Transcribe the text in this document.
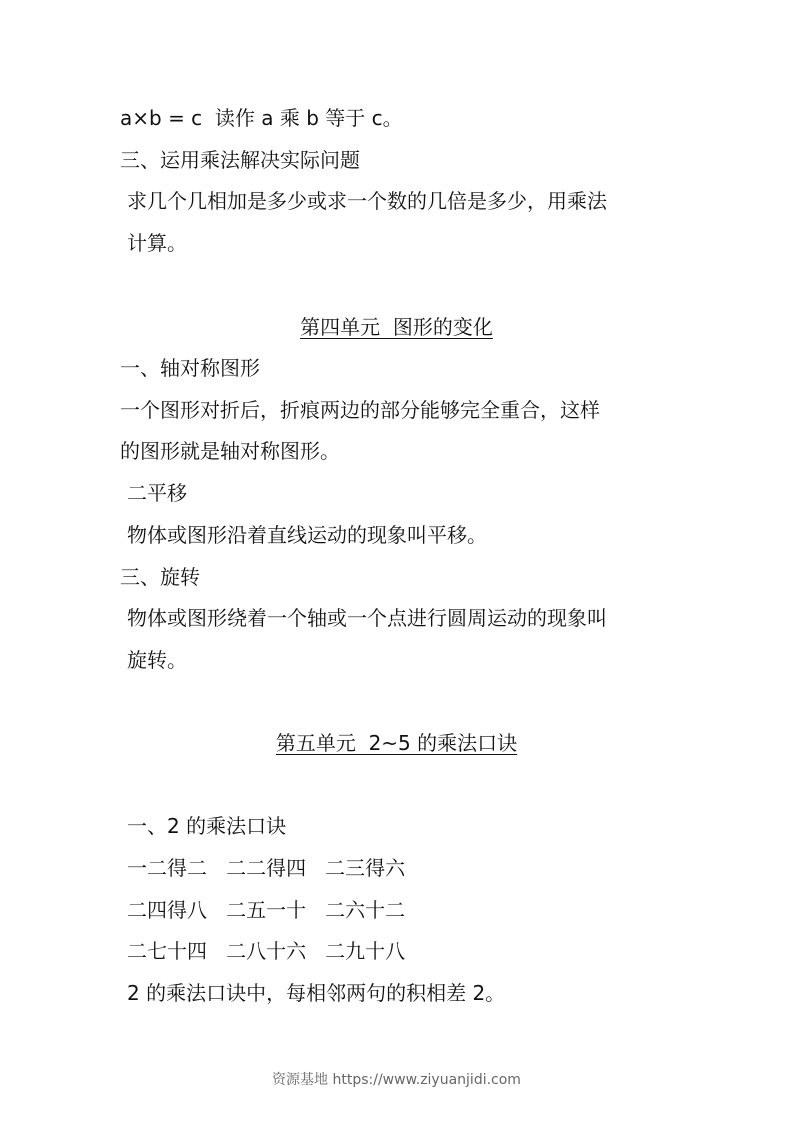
a×b = c  读作 a 乘 b 等于 c。
三、运用乘法解决实际问题
求几个几相加是多少或求一个数的几倍是多少，用乘法
计算。
第四单元  图形的变化
一、轴对称图形
一个图形对折后，折痕两边的部分能够完全重合，这样
的图形就是轴对称图形。
二平移
物体或图形沿着直线运动的现象叫平移。
三、旋转
物体或图形绕着一个轴或一个点进行圆周运动的现象叫
旋转。
第五单元  2~5 的乘法口诀
一、2 的乘法口诀
一二得二   二二得四   二三得六
二四得八   二五一十   二六十二
二七十四   二八十六   二九十八
2 的乘法口诀中，每相邻两句的积相差 2。
资源基地 https://www.ziyuanjidi.com
